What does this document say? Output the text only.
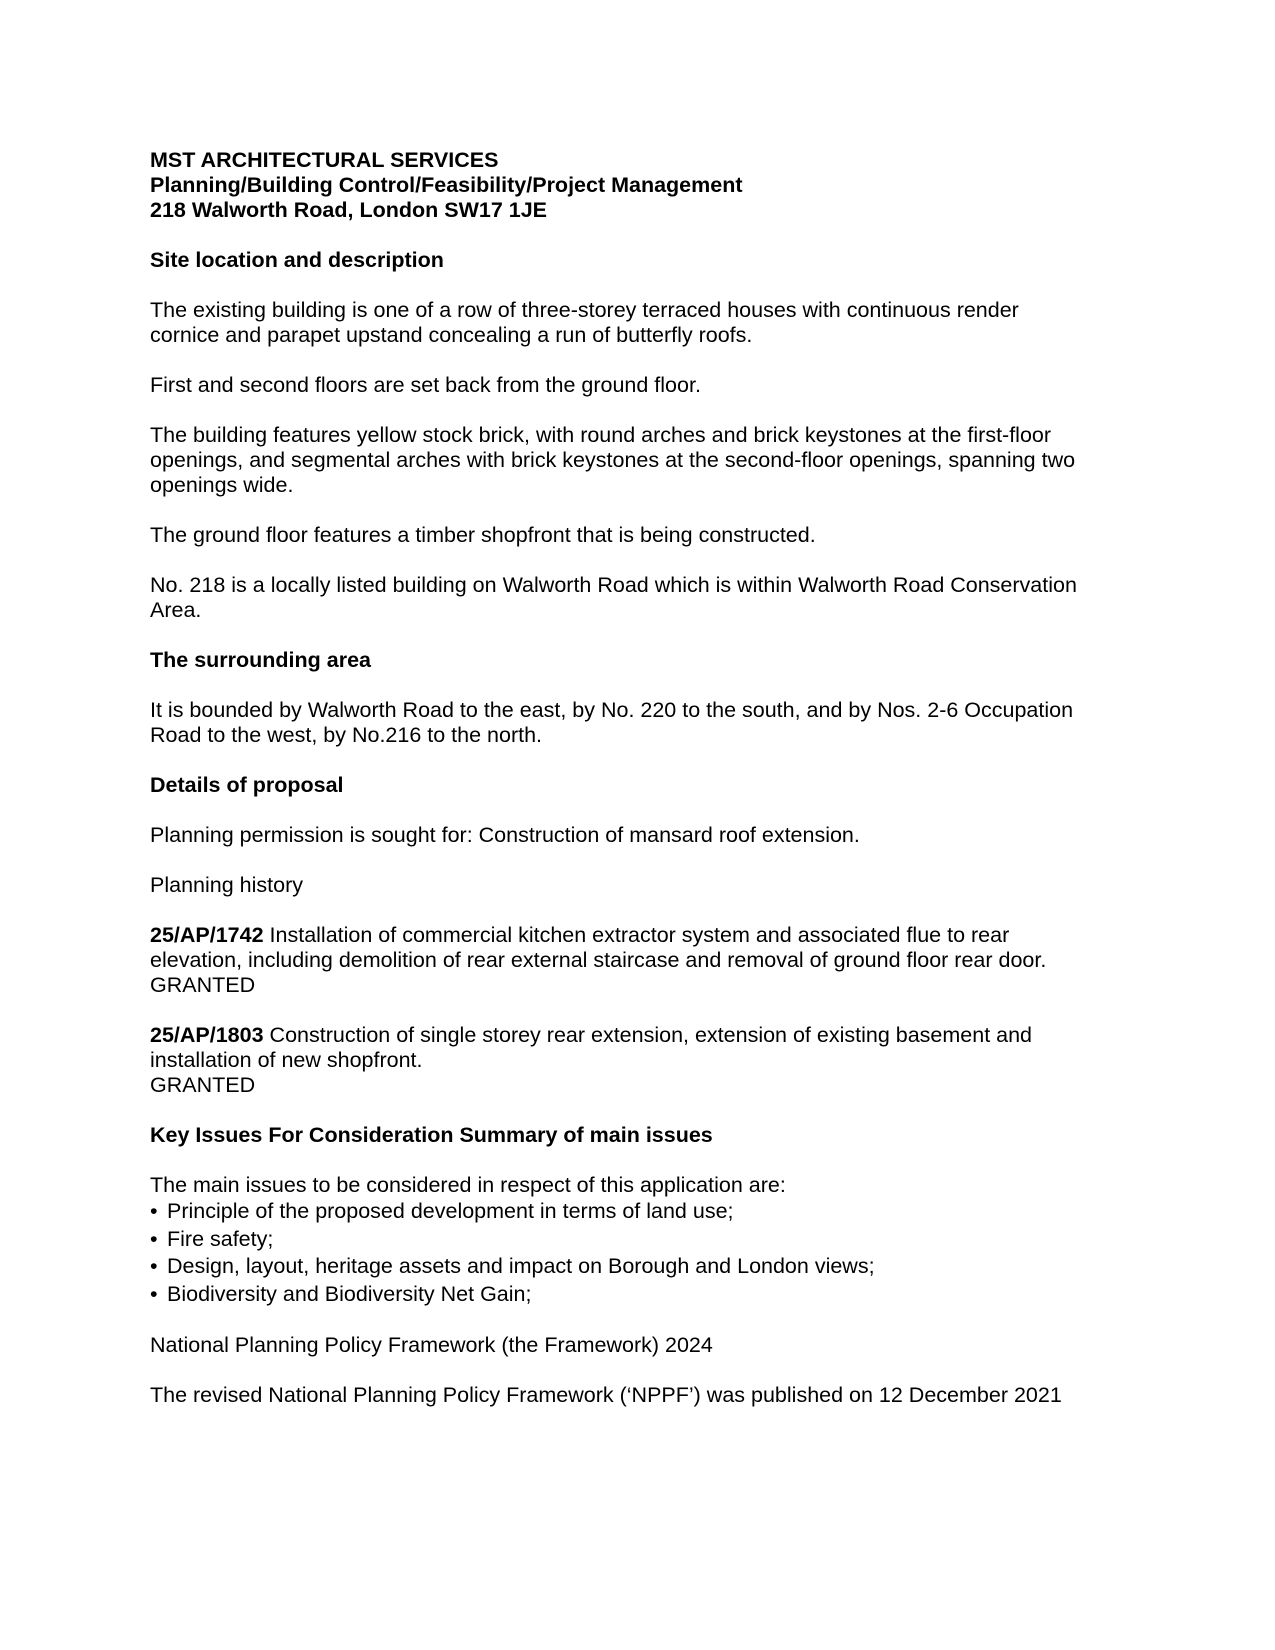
MST ARCHITECTURAL SERVICES

Planning/Building Control/Feasibility/Project Management

218 Walworth Road, London SW17 1JE

Site location and description

The existing building is one of a row of three-storey terraced houses with continuous render

cornice and parapet upstand concealing a run of butterfly roofs.

First and second floors are set back from the ground floor.

The building features yellow stock brick, with round arches and brick keystones at the first-floor

openings, and segmental arches with brick keystones at the second-floor openings, spanning two

openings wide.

The ground floor features a timber shopfront that is being constructed.

No. 218 is a locally listed building on Walworth Road which is within Walworth Road Conservation

Area.

The surrounding area

It is bounded by Walworth Road to the east, by No. 220 to the south, and by Nos. 2-6 Occupation

Road to the west, by No.216 to the north.

Details of proposal

Planning permission is sought for: Construction of mansard roof extension.

Planning history

25/AP/1742 Installation of commercial kitchen extractor system and associated flue to rear

elevation, including demolition of rear external staircase and removal of ground floor rear door.

GRANTED

25/AP/1803 Construction of single storey rear extension, extension of existing basement and

installation of new shopfront.

GRANTED

Key Issues For Consideration Summary of main issues

The main issues to be considered in respect of this application are:

• Principle of the proposed development in terms of land use;
• Fire safety;
• Design, layout, heritage assets and impact on Borough and London views;
• Biodiversity and Biodiversity Net Gain;

National Planning Policy Framework (the Framework) 2024

The revised National Planning Policy Framework (‘NPPF’) was published on 12 December 2021
